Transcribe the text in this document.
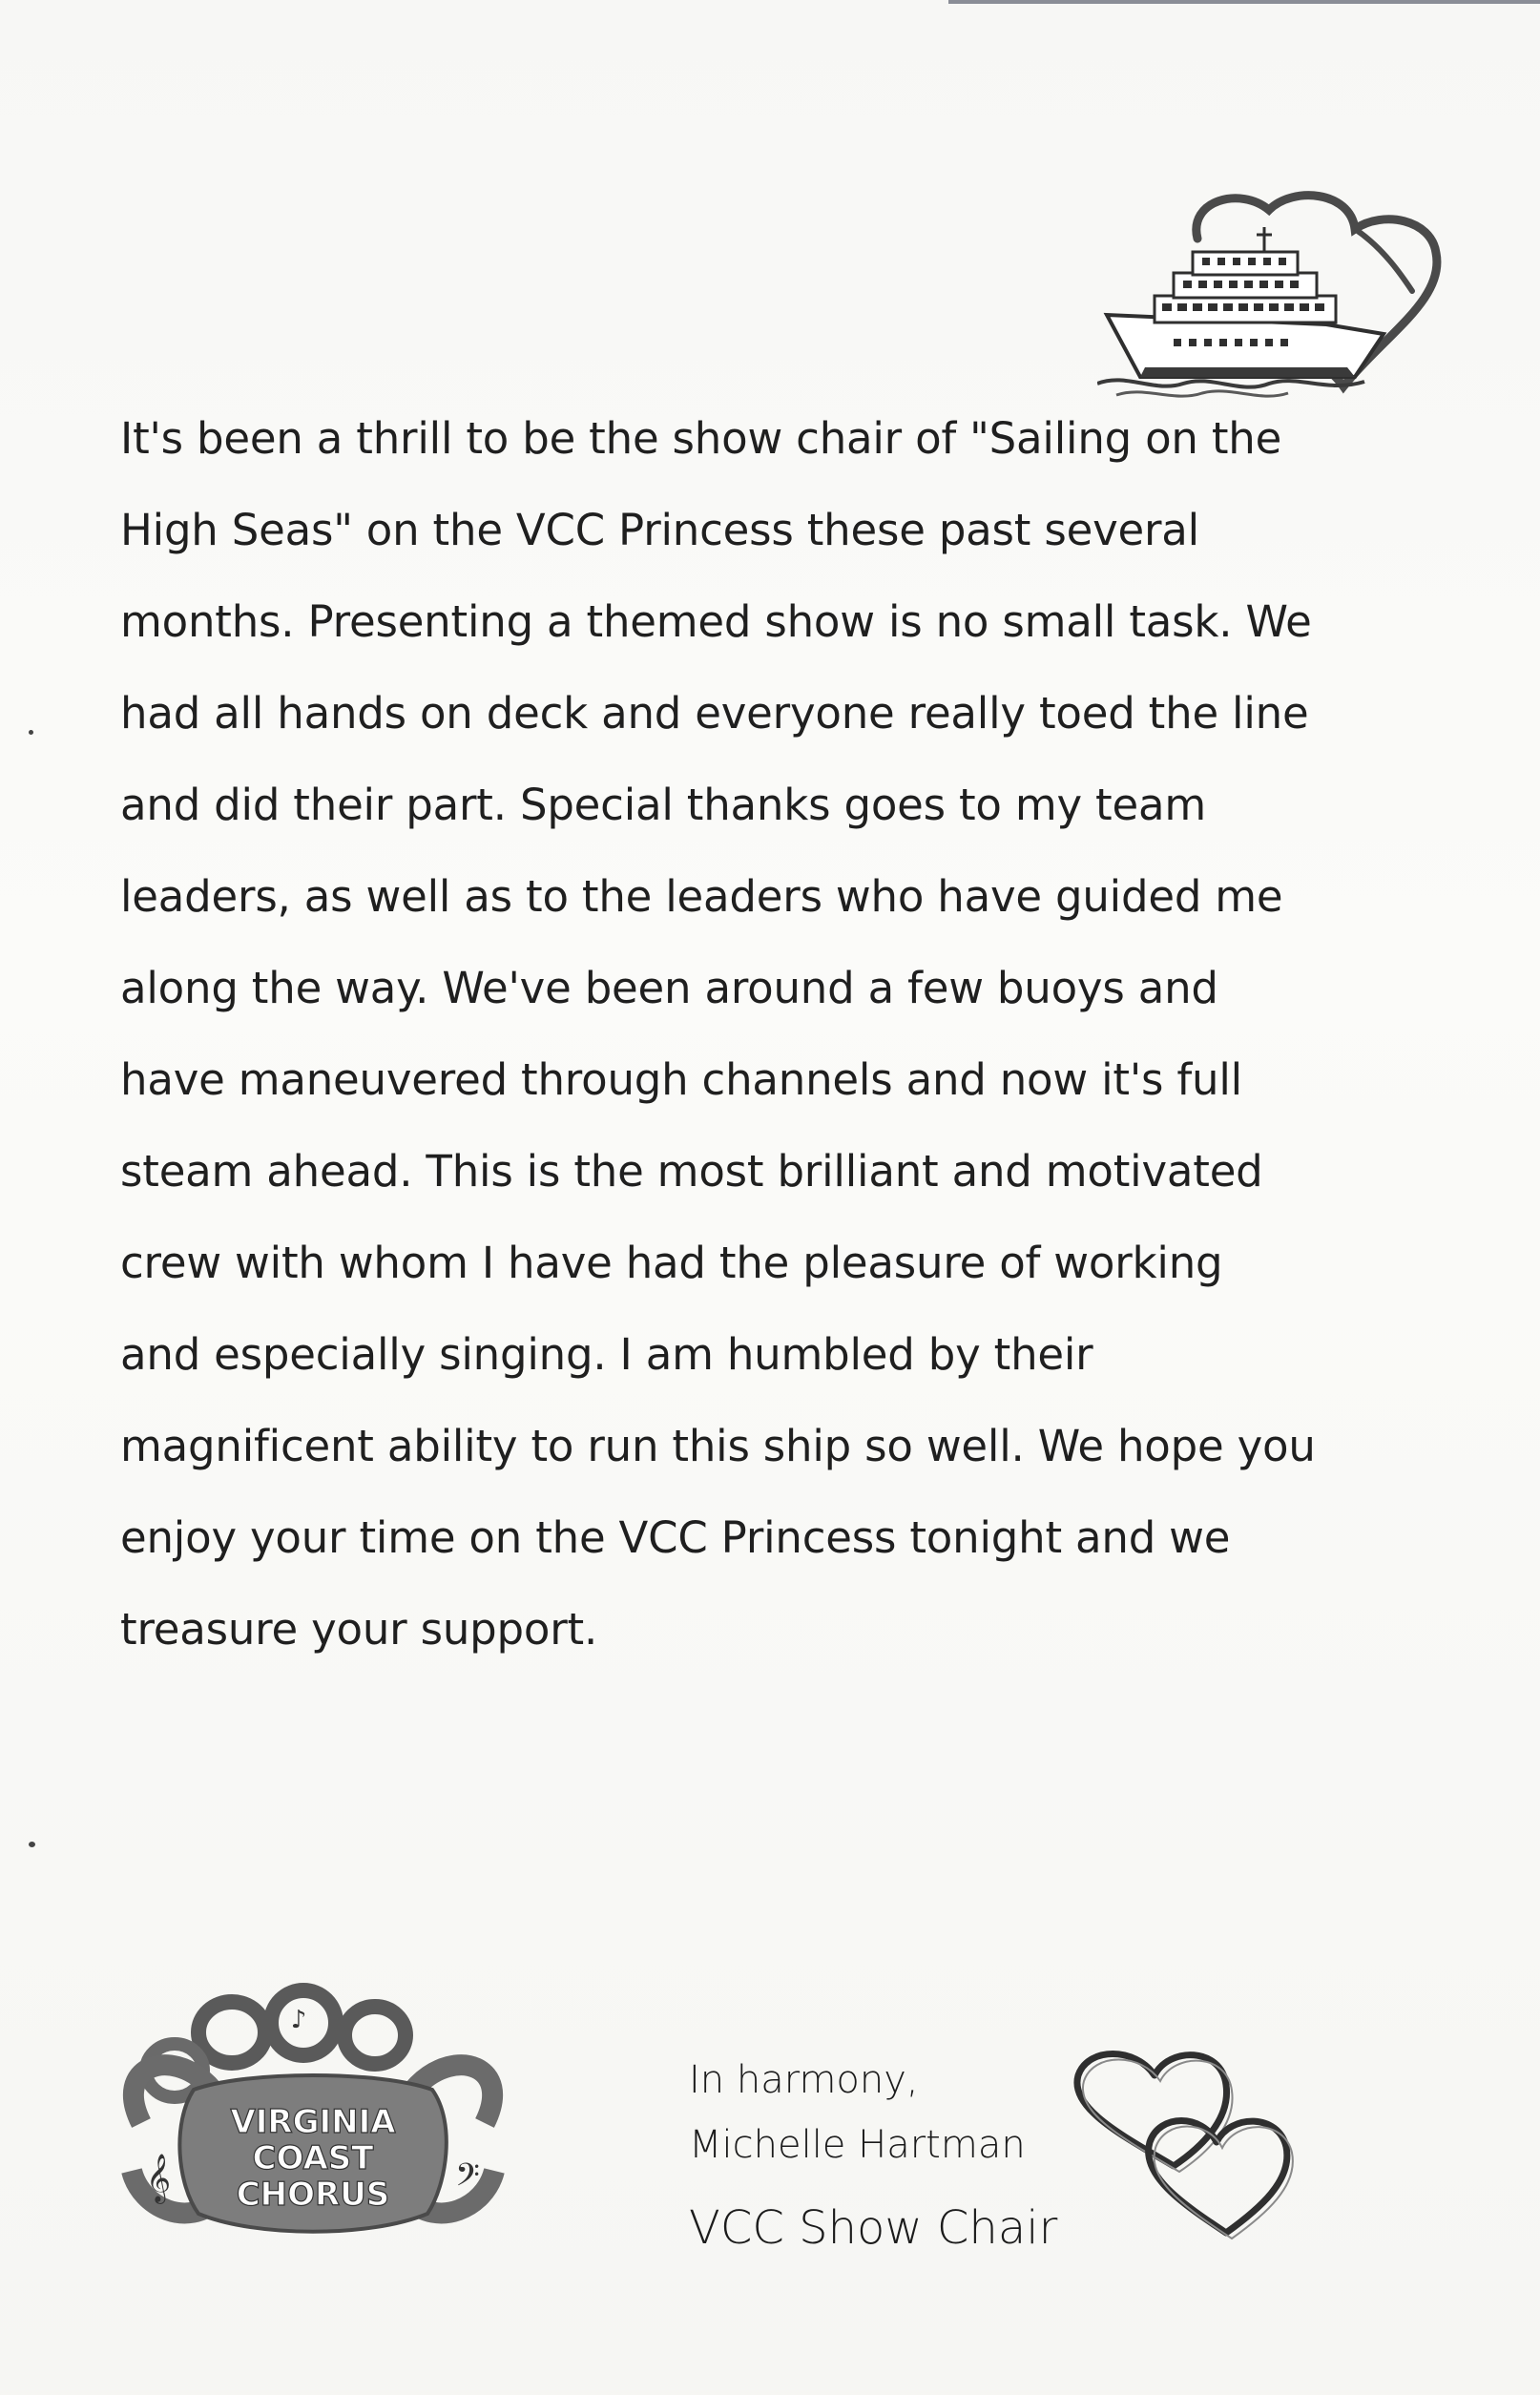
It's been a thrill to be the show chair of "Sailing on the
High Seas" on the VCC Princess these past several
months. Presenting a themed show is no small task. We
had all hands on deck and everyone really toed the line
and did their part. Special thanks goes to my team
leaders, as well as to the leaders who have guided me
along the way. We've been around a few buoys and
have maneuvered through channels and now it's full
steam ahead. This is the most brilliant and motivated
crew with whom I have had the pleasure of working
and especially singing. I am humbled by their
magnificent ability to run this ship so well. We hope you
enjoy your time on the VCC Princess tonight and we
treasure your support.

♪
𝄞	𝄢
VIRGINIA
COAST
CHORUS
In harmony,
Michelle Hartman
VCC Show Chair
